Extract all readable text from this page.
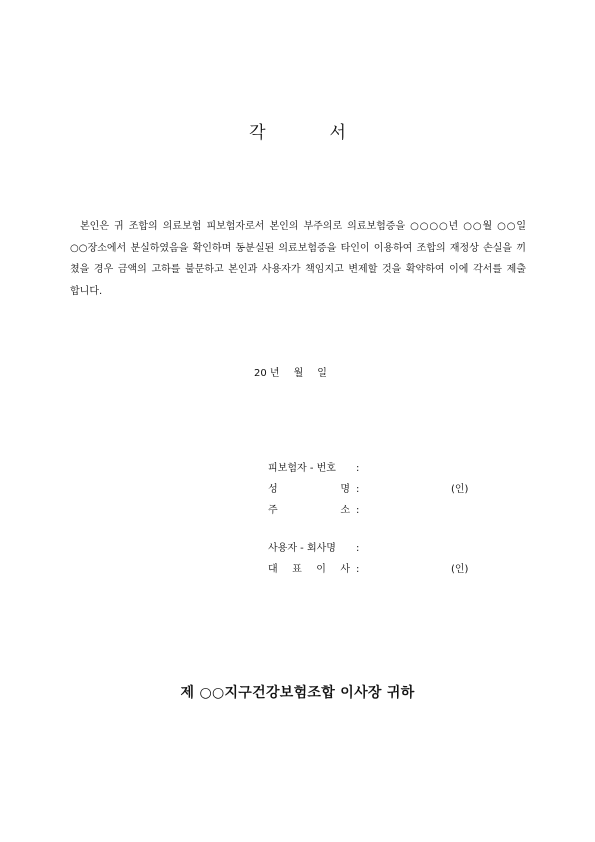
각	서
본인은 귀 조합의 의료보험 피보험자로서 본인의 부주의로 의료보험증을 ○○○○년 ○○월 ○○일 ○○장소에서 분실하였음을 확인하며 동분실된 의료보험증을 타인이 이용하여 조합의 재정상 손실을 끼쳤을 경우 금액의 고하를 불문하고 본인과 사용자가 책임지고 변제할 것을 확약하여 이에 각서를 제출합니다.
20 년 월 일
피보험자 - 번호 :
성	명 :	(인)
주	소 :
사용자 - 회사명 :
대 표 이 사 :	(인)
제 ○○지구건강보험조합 이사장 귀하
